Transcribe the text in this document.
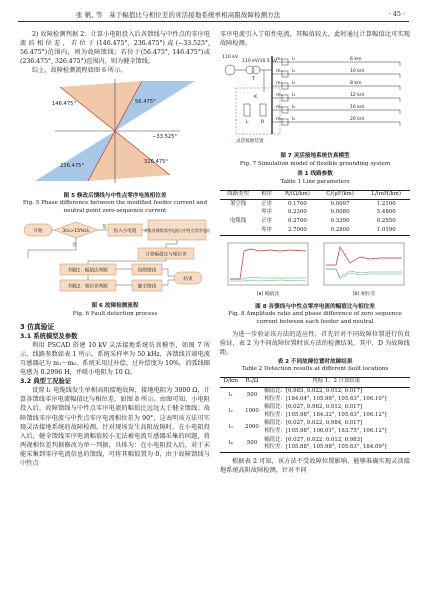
张 帆, 等 基于幅值比与相位差的灵活接地系统单相高阻故障检测方法	· 45 ·

2) 故障检测判据 2：计算小电阻投入后各馈线与中性点的零序电流的相位差，若位于(146.475°, 236.475°)或(−33.525°, 56.475°)范围内，则为故障馈线；若位于(56.475°, 146.475°)或(236.475°, 326.475°)范围内，则为健全馈线。

综上，故障检测流程如图 6 所示。

56.475°
146.475°
−33.525°
236.475°
326.475°
图 5 修改后馈线与中性点零序电流相位差
Fig. 5 Phase difference between the modified feeder current and neutral point zero-sequence current
开始	3U₀>15%Uₙ
是
否
投入小电阻 采集各馈线零序电流与中性点零序电流
计算幅值比与相位差
判据1：幅值比判断
判据2：相位差判断
故障馈线
健全馈线
结束
图 6 故障检测流程
Fig. 6 Fault detection process
3 仿真验证
3.1 系统模型及参数

利用 PSCAD 搭建 10 kV 灵活接地系统仿真模型，如图 7 所示，线路参数如表 1 所示，系统采样率为 50 kHz，各馈线首端电流互感器记为 m₁～m₆，系统采用过补偿，过补偿度为 10%，消弧线圈电感为 0.2996 H，并联小电阻为 10 Ω。

3.2 典型工况验证

设置 l₁ 电缆线发生单相高阻接地故障，接地电阻为 3000 Ω，计算各馈线零序电流幅值比与相位差，如图 8 所示。由图可知，小电阻投入后，故障馈线与中性点零序电流的幅值比远远大于健全馈线；故障馈线零序电流与中性点零序电流相位差为 90°，这表明该方法可实现灵活接地系统的故障检测。针对现场发生高阻故障时，在小电阻投入后，健全馈线零序电流幅值较小无法被电流互感器采集的问题，将两视相位差判据修改为单一判据，具体为：在小电阻投入后，对于未能采集到零序电流信息的馈线，可将其幅值置为 0，由于故障馈线与中性点

零序电流引入了阻性电流，其幅值较大，此时通过计算幅值比可实现故障检测。

110 kV
110 kV/10.5 kV
T
L	R
K
l₁
l₂
l₃
l₄
l₅
l₆
m₁
m₂
m₃
m₄
m₅
m₆
6 km
10 km
8 km
12 km
16 km
20 km
灵活接地装置
图 7 灵活接地系统仿真模型
Fig. 7 Simulation model of flexible grounding system
表 1 线路参数
Table 1 Line parameters
线路类型	相序	R/(Ω/km)	C/(μF/km)	L/(mH/km)
架空线	正序	0.1700	0.0097	1.2100
	零序	0.2300	0.0080	5.4800
电缆线	正序	0.2700	0.3390	0.2550
	零序	2.7000	0.2800	1.0190
(a) 幅值比	(b) 相位差
图 8 各馈线与中性点零序电流的幅值比与相位差
Fig. 8 Amplitude ratio and phase difference of zero sequence current between each feeder and neutral

为进一步验证该方法的适应性，首先针对不同故障位置进行仿真验证，表 2 为不同故障位置时该方法的检测结果，其中，D 为故障线距。

表 2 不同故障位置时故障结果
Table 2 Detection results at different fault locations
D/km	Rₙ/Ω	判据 1、2 计算结果
l₁	500	幅值比：[0.983, 0.022, 0.012, 0.017]
相位差：[184.04°, 105.98°, 105.63°, 106.10°]

l₂	1000	幅值比：[0.027, 0.982, 0.012, 0.017]
相位差：[105.98°, 184.32°, 105.63°, 106.12°]

l₃	2000	幅值比：[0.027, 0.022, 0.984, 0.017]
相位差：[105.98°, 106.01°, 183.75°, 106.12°]

l₄	500	幅值比：[0.027, 0.022, 0.012, 0.983]
相位差：[105.88°, 105.98°, 105.63°, 184.09°]

根据表 2 可知，该方法不受故障位置影响，能够准确实现灵活接地系统高阻故障检测，针对不同
